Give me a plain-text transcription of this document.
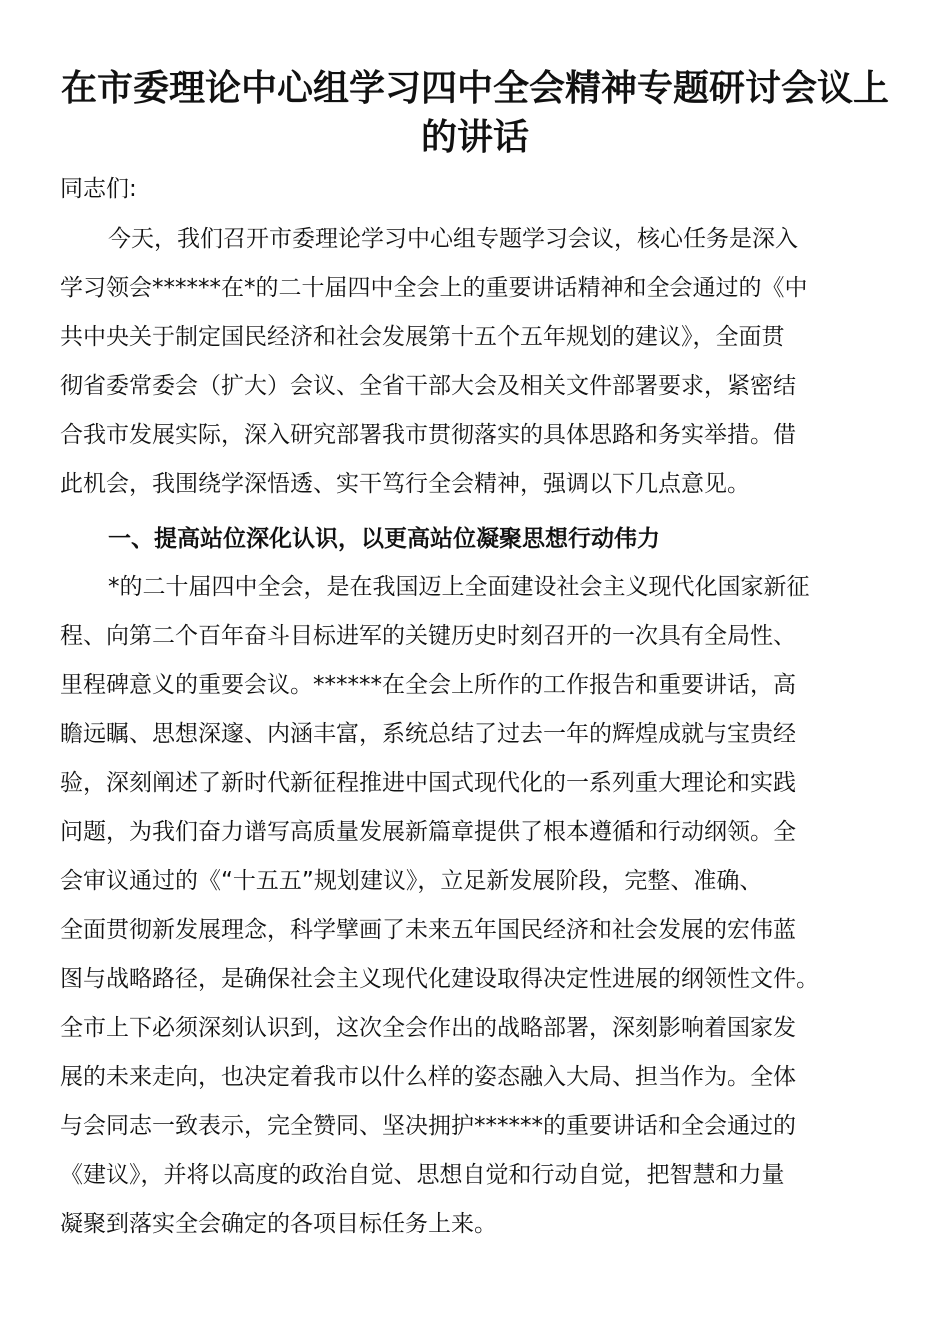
在市委理论中心组学习四中全会精神专题研讨会议上
的讲话
同志们:
今天，我们召开市委理论学习中心组专题学习会议，核心任务是深入
学习领会******在*的二十届四中全会上的重要讲话精神和全会通过的《中
共中央关于制定国民经济和社会发展第十五个五年规划的建议》，全面贯
彻省委常委会（扩大）会议、全省干部大会及相关文件部署要求，紧密结
合我市发展实际，深入研究部署我市贯彻落实的具体思路和务实举措。借
此机会，我围绕学深悟透、实干笃行全会精神，强调以下几点意见。
一、提高站位深化认识，以更高站位凝聚思想行动伟力
*的二十届四中全会，是在我国迈上全面建设社会主义现代化国家新征
程、向第二个百年奋斗目标进军的关键历史时刻召开的一次具有全局性、
里程碑意义的重要会议。******在全会上所作的工作报告和重要讲话，高
瞻远瞩、思想深邃、内涵丰富，系统总结了过去一年的辉煌成就与宝贵经
验，深刻阐述了新时代新征程推进中国式现代化的一系列重大理论和实践
问题，为我们奋力谱写高质量发展新篇章提供了根本遵循和行动纲领。全
会审议通过的《“十五五”规划建议》，立足新发展阶段，完整、准确、
全面贯彻新发展理念，科学擘画了未来五年国民经济和社会发展的宏伟蓝
图与战略路径，是确保社会主义现代化建设取得决定性进展的纲领性文件。
全市上下必须深刻认识到，这次全会作出的战略部署，深刻影响着国家发
展的未来走向，也决定着我市以什么样的姿态融入大局、担当作为。全体
与会同志一致表示，完全赞同、坚决拥护******的重要讲话和全会通过的
《建议》，并将以高度的政治自觉、思想自觉和行动自觉，把智慧和力量
凝聚到落实全会确定的各项目标任务上来。
